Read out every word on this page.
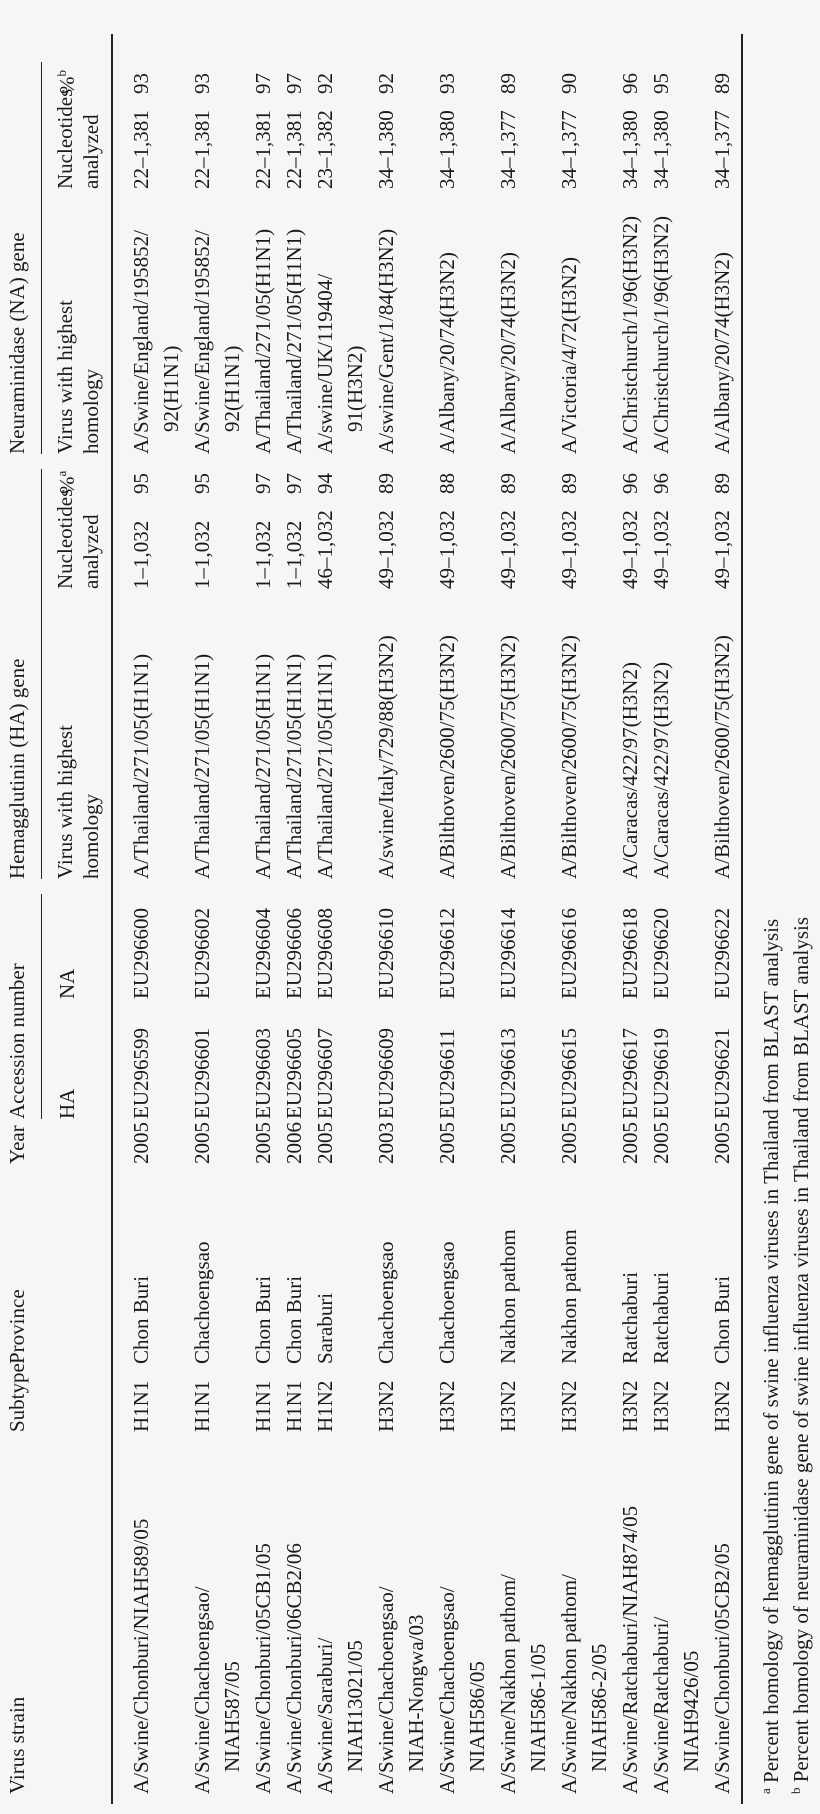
Accession number
Hemagglutinin (HA) gene
Neuraminidase (NA) gene
Virus strain
Subtype
Province
Year
HA
NA
Virus with highest homology
Nucleotides analyzed
%$^a$
Virus with highest homology
Nucleotides analyzed
%$^b$
A/Swine/Chonburi/NIAH589/05
H1N1
Chon Buri
2005
EU296599
EU296600
A/Thailand/271/05(H1N1)
1–1,032
95
A/Swine/England/195852/ 92(H1N1)
22–1,381
93
A/Swine/Chachoengsao/ NIAH587/05
H1N1
Chachoengsao
2005
EU296601
EU296602
A/Thailand/271/05(H1N1)
1–1,032
95
A/Swine/England/195852/ 92(H1N1)
22–1,381
93
A/Swine/Chonburi/05CB1/05
H1N1
Chon Buri
2005
EU296603
EU296604
A/Thailand/271/05(H1N1)
1–1,032
97
A/Thailand/271/05(H1N1)
22–1,381
97
A/Swine/Chonburi/06CB2/06
H1N1
Chon Buri
2006
EU296605
EU296606
A/Thailand/271/05(H1N1)
1–1,032
97
A/Thailand/271/05(H1N1)
22–1,381
97
A/Swine/Saraburi/ NIAH13021/05
H1N2
Saraburi
2005
EU296607
EU296608
A/Thailand/271/05(H1N1)
46–1,032
94
A/swine/UK/119404/ 91(H3N2)
23–1,382
92
A/Swine/Chachoengsao/ NIAH-Nongwa/03
H3N2
Chachoengsao
2003
EU296609
EU296610
A/swine/Italy/729/88(H3N2)
49–1,032
89
A/swine/Gent/1/84(H3N2)
34–1,380
92
A/Swine/Chachoengsao/ NIAH586/05
H3N2
Chachoengsao
2005
EU296611
EU296612
A/Bilthoven/2600/75(H3N2)
49–1,032
88
A/Albany/20/74(H3N2)
34–1,380
93
A/Swine/Nakhon pathom/ NIAH586-1/05
H3N2
Nakhon pathom
2005
EU296613
EU296614
A/Bilthoven/2600/75(H3N2)
49–1,032
89
A/Albany/20/74(H3N2)
34–1,377
89
A/Swine/Nakhon pathom/ NIAH586-2/05
H3N2
Nakhon pathom
2005
EU296615
EU296616
A/Bilthoven/2600/75(H3N2)
49–1,032
89
A/Victoria/4/72(H3N2)
34–1,377
90
A/Swine/Ratchaburi/NIAH874/05
H3N2
Ratchaburi
2005
EU296617
EU296618
A/Caracas/422/97(H3N2)
49–1,032
96
A/Christchurch/1/96(H3N2)
34–1,380
96
A/Swine/Ratchaburi/ NIAH9426/05
H3N2
Ratchaburi
2005
EU296619
EU296620
A/Caracas/422/97(H3N2)
49–1,032
96
A/Christchurch/1/96(H3N2)
34–1,380
95
A/Swine/Chonburi/05CB2/05
H3N2
Chon Buri
2005
EU296621
EU296622
A/Bilthoven/2600/75(H3N2)
49–1,032
89
A/Albany/20/74(H3N2)
34–1,377
89
$^a$ Percent homology of hemagglutinin gene of swine influenza viruses in Thailand from BLAST analysis
$^b$ Percent homology of neuraminidase gene of swine influenza viruses in Thailand from BLAST analysis
